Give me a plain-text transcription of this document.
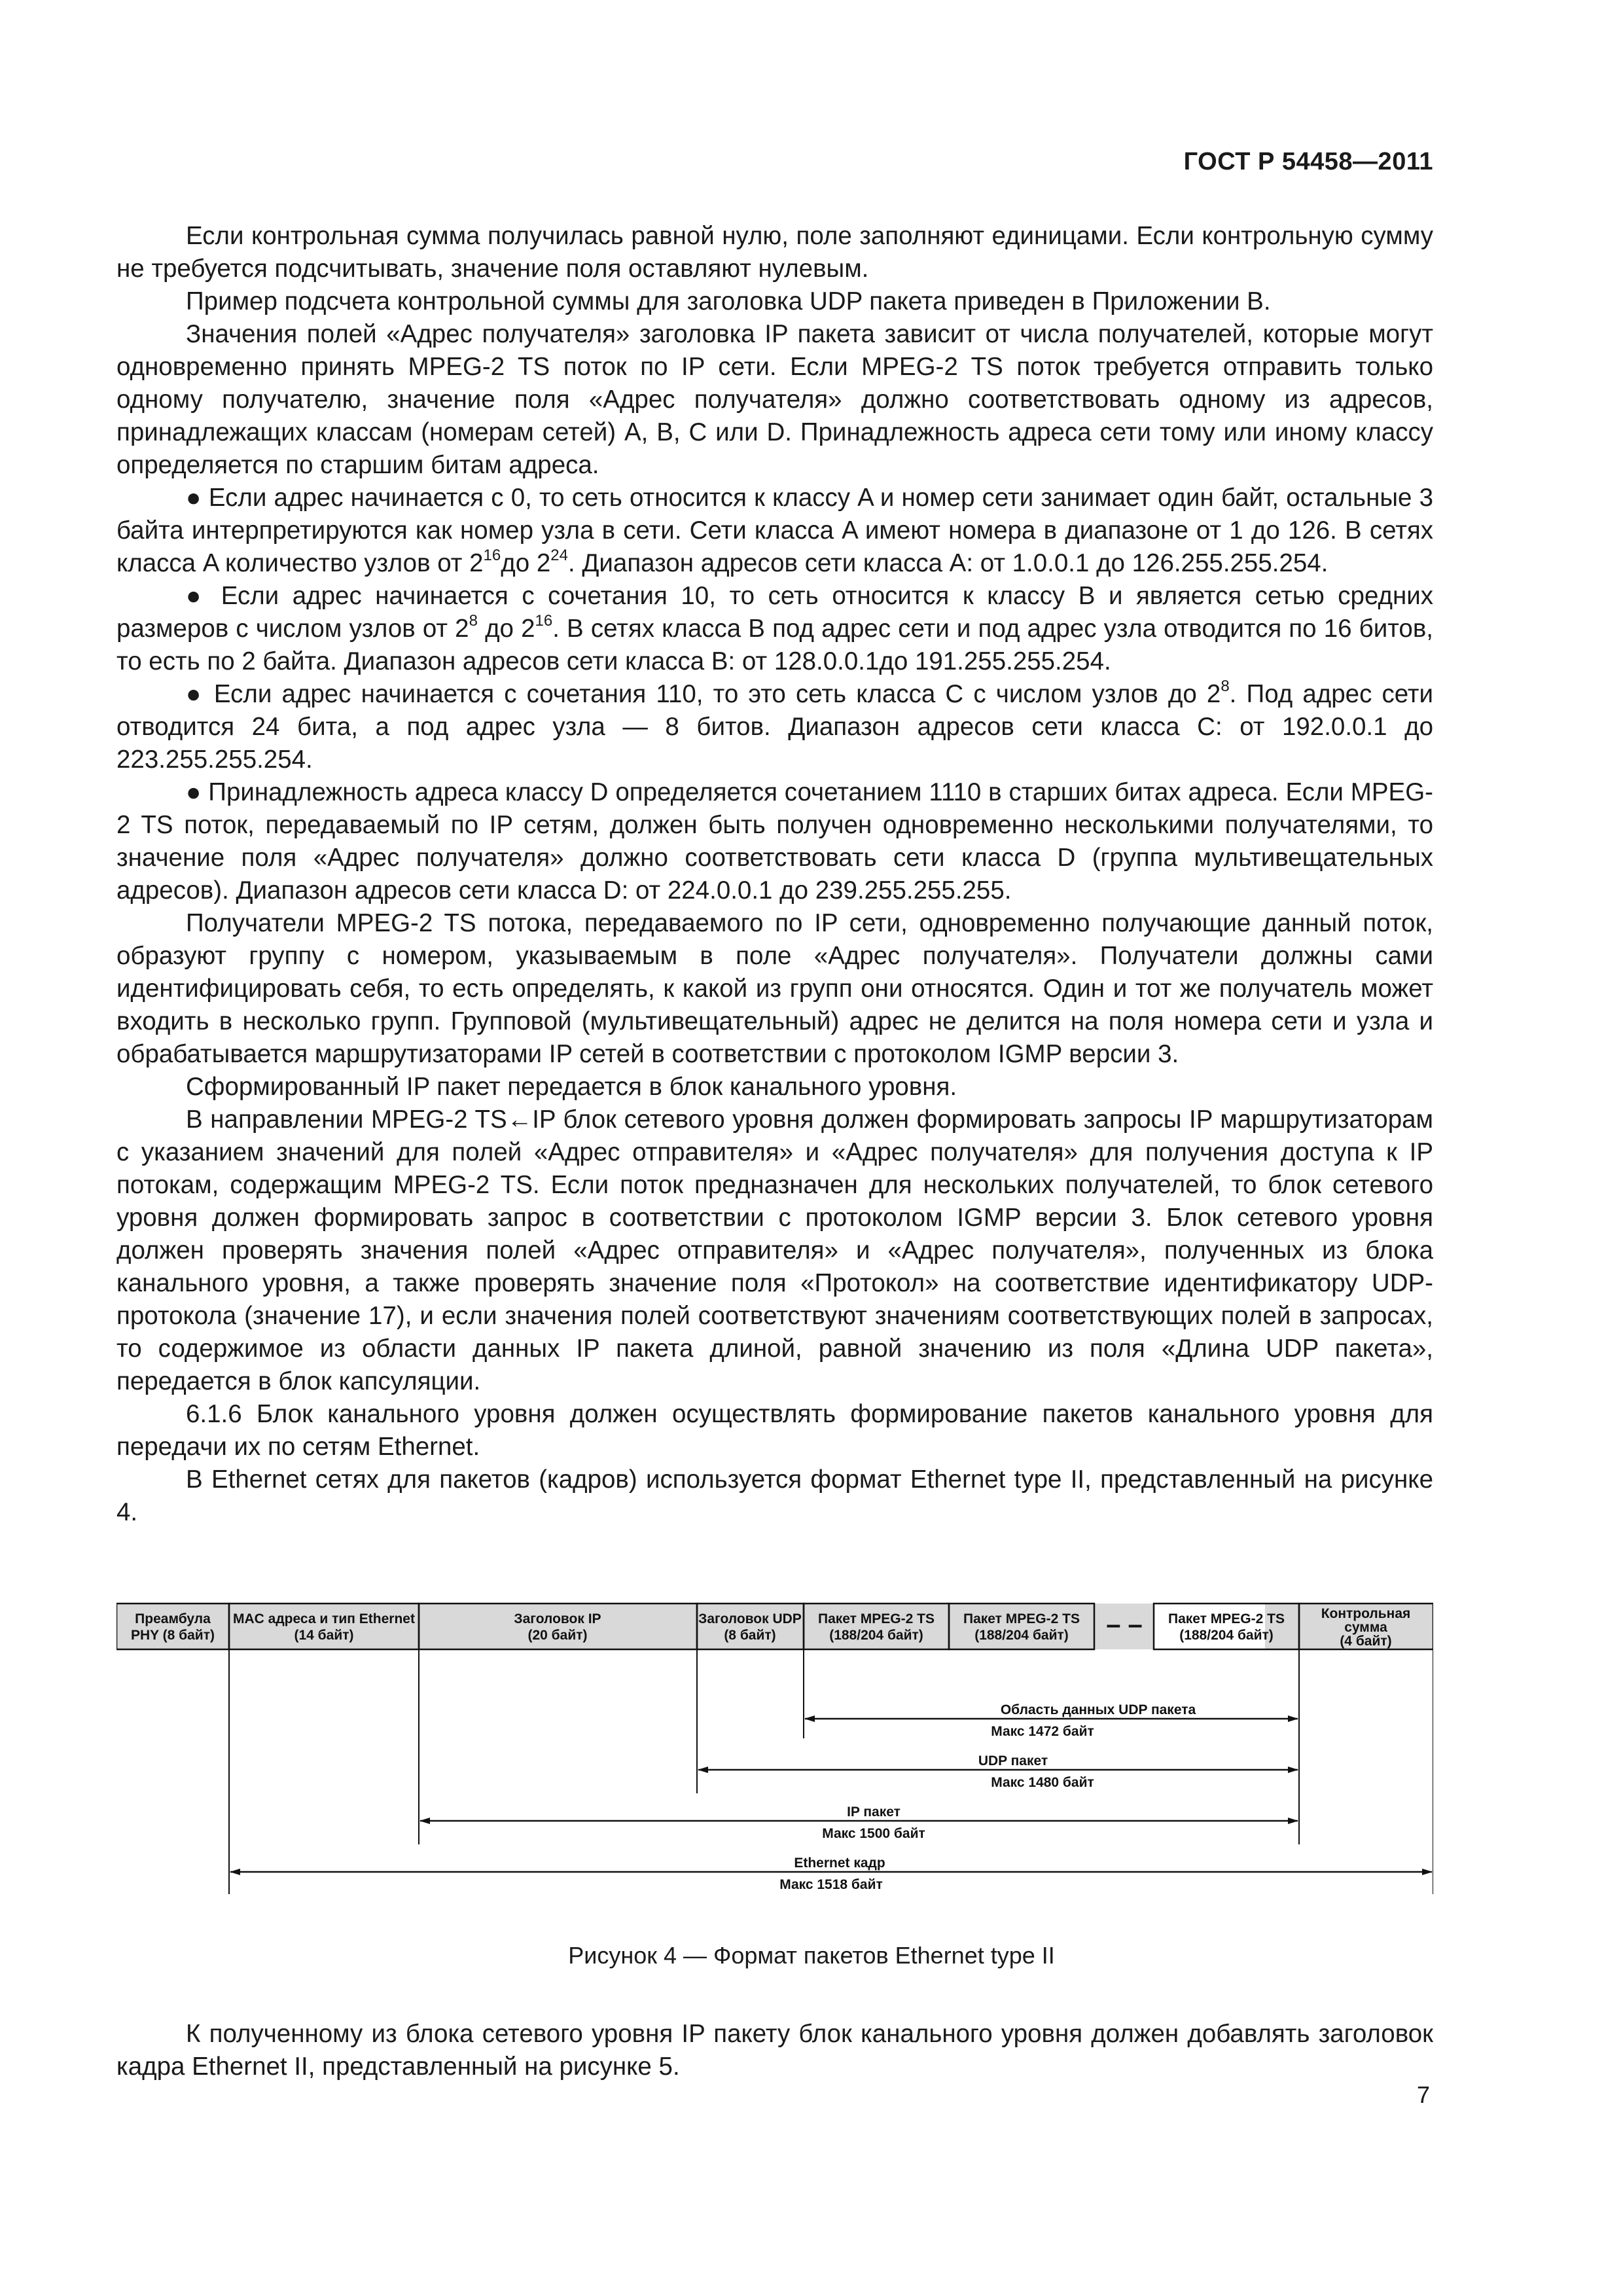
ГОСТ Р 54458—2011

Если контрольная сумма получилась равной нулю, поле заполняют единицами. Если контрольную сумму не требуется подсчитывать, значение поля оставляют нулевым.

Пример подсчета контрольной суммы для заголовка UDP пакета приведен в Приложении В.

Значения полей «Адрес получателя» заголовка IP пакета зависит от числа получателей, которые могут одновременно принять MPEG-2 TS поток по IP сети. Если MPEG-2 TS поток требуется отправить только одному получателю, значение поля «Адрес получателя» должно соответствовать одному из адресов, принадлежащих классам (номерам сетей) A, B, C или D. Принадлежность адреса сети тому или иному классу определяется по старшим битам адреса.

● Если адрес начинается с 0, то сеть относится к классу A и номер сети занимает один байт, остальные 3 байта интерпретируются как номер узла в сети. Сети класса A имеют номера в диапазоне от 1 до 126. В сетях класса A количество узлов от $2^{16}до$ $2^{24}$. Диапазон адресов сети класса A: от 1.0.0.1 до 126.255.255.254.

● Если адрес начинается с сочетания 10, то сеть относится к классу B и является сетью средних размеров с числом узлов от $2^8$ до $2^{16}$. В сетях класса B под адрес сети и под адрес узла отводится по 16 битов, то есть по 2 байта. Диапазон адресов сети класса B: от 128.0.0.1до 191.255.255.254.

● Если адрес начинается с сочетания 110, то это сеть класса C с числом узлов до $2^8$. Под адрес сети отводится 24 бита, а под адрес узла — 8 битов. Диапазон адресов сети класса C: от 192.0.0.1 до 223.255.255.254.

● Принадлежность адреса классу D определяется сочетанием 1110 в старших битах адреса. Если MPEG-2 TS поток, передаваемый по IP сетям, должен быть получен одновременно несколькими получателями, то значение поля «Адрес получателя» должно соответствовать сети класса D (группа мультивещательных адресов). Диапазон адресов сети класса D: от 224.0.0.1 до 239.255.255.255.

Получатели MPEG-2 TS потока, передаваемого по IP сети, одновременно получающие данный поток, образуют группу с номером, указываемым в поле «Адрес получателя». Получатели должны сами идентифицировать себя, то есть определять, к какой из групп они относятся. Один и тот же получатель может входить в несколько групп. Групповой (мультивещательный) адрес не делится на поля номера сети и узла и обрабатывается маршрутизаторами IP сетей в соответствии с протоколом IGMP версии 3.

Сформированный IP пакет передается в блок канального уровня.

В направлении MPEG-2 TS←IP блок сетевого уровня должен формировать запросы IP маршрутизаторам с указанием значений для полей «Адрес отправителя» и «Адрес получателя» для получения доступа к IP потокам, содержащим MPEG-2 TS. Если поток предназначен для нескольких получателей, то блок сетевого уровня должен формировать запрос в соответствии с протоколом IGMP версии 3. Блок сетевого уровня должен проверять значения полей «Адрес отправителя» и «Адрес получателя», полученных из блока канального уровня, а также проверять значение поля «Протокол» на соответствие идентификатору UDP-протокола (значение 17), и если значения полей соответствуют значениям соответствующих полей в запросах, то содержимое из области данных IP пакета длиной, равной значению из поля «Длина UDP пакета», передается в блок капсуляции.

6.1.6 Блок канального уровня должен осуществлять формирование пакетов канального уровня для передачи их по сетям Ethernet.

В Ethernet сетях для пакетов (кадров) используется формат Ethernet type II, представленный на рисунке 4.

Преамбула
PHY (8 байт)
MAC адреса и тип Ethernet
(14 байт)
Заголовок IP
(20 байт)
Заголовок UDP
(8 байт)
Пакет MPEG-2 TS
(188/204 байт)
Пакет MPEG-2 TS
(188/204 байт)
Пакет MPEG-2 TS
(188/204 байт)
Контрольная
сумма
(4 байт)
– –
Область данных UDP пакета
Макс 1472 байт
UDP пакет
Макс 1480 байт
IP пакет
Макс 1500 байт
Ethernet кадр
Макс 1518 байт
Рисунок 4 — Формат пакетов Ethernet type II

К полученному из блока сетевого уровня IP пакету блок канального уровня должен добавлять заголовок кадра Ethernet II, представленный на рисунке 5.

7
